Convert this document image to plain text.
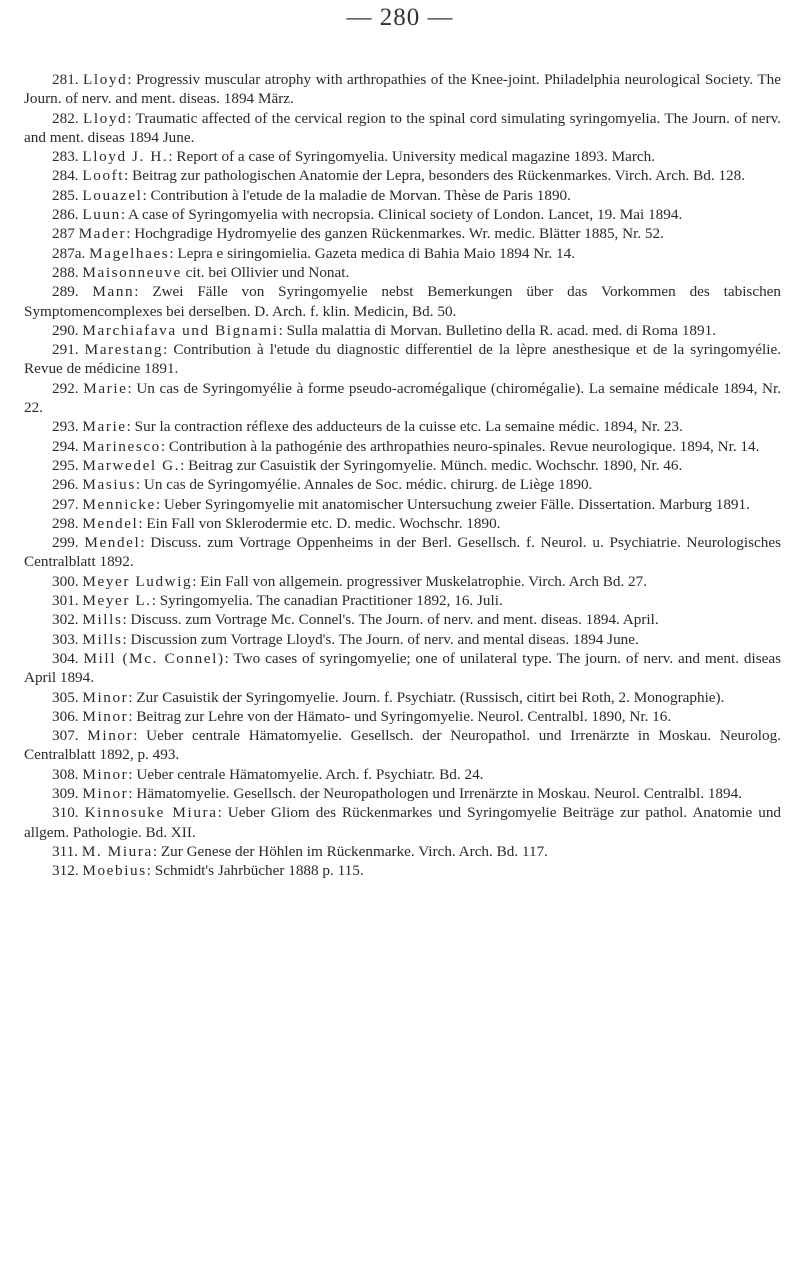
— 280 —
281. Lloyd: Progressiv muscular atrophy with arthropathies of the Knee-joint. Philadelphia neurological Society. The Journ. of nerv. and ment. diseas. 1894 März.
282. Lloyd: Traumatic affected of the cervical region to the spinal cord simulating syringomyelia. The Journ. of nerv. and ment. diseas 1894 June.
283. Lloyd J. H.: Report of a case of Syringomyelia. University medical magazine 1893. March.
284. Looft: Beitrag zur pathologischen Anatomie der Lepra, besonders des Rückenmarkes. Virch. Arch. Bd. 128.
285. Louazel: Contribution à l'etude de la maladie de Morvan. Thèse de Paris 1890.
286. Luun: A case of Syringomyelia with necropsia. Clinical society of London. Lancet, 19. Mai 1894.
287 Mader: Hochgradige Hydromyelie des ganzen Rückenmarkes. Wr. medic. Blätter 1885, Nr. 52.
287a. Magelhaes: Lepra e siringomielia. Gazeta medica di Bahia Maio 1894 Nr. 14.
288. Maisonneuve cit. bei Ollivier und Nonat.
289. Mann: Zwei Fälle von Syringomyelie nebst Bemerkungen über das Vorkommen des tabischen Symptomencomplexes bei derselben. D. Arch. f. klin. Medicin, Bd. 50.
290. Marchiafava und Bignami: Sulla malattia di Morvan. Bulletino della R. acad. med. di Roma 1891.
291. Marestang: Contribution à l'etude du diagnostic differentiel de la lèpre anesthesique et de la syringomyélie. Revue de médicine 1891.
292. Marie: Un cas de Syringomyélie à forme pseudo-acromégalique (chiromégalie). La semaine médicale 1894, Nr. 22.
293. Marie: Sur la contraction réflexe des adducteurs de la cuisse etc. La semaine médic. 1894, Nr. 23.
294. Marinesco: Contribution à la pathogénie des arthropathies neuro-spinales. Revue neurologique. 1894, Nr. 14.
295. Marwedel G.: Beitrag zur Casuistik der Syringomyelie. Münch. medic. Wochschr. 1890, Nr. 46.
296. Masius: Un cas de Syringomyélie. Annales de Soc. médic. chirurg. de Liège 1890.
297. Mennicke: Ueber Syringomyelie mit anatomischer Untersuchung zweier Fälle. Dissertation. Marburg 1891.
298. Mendel: Ein Fall von Sklerodermie etc. D. medic. Wochschr. 1890.
299. Mendel: Discuss. zum Vortrage Oppenheims in der Berl. Gesellsch. f. Neurol. u. Psychiatrie. Neurologisches Centralblatt 1892.
300. Meyer Ludwig: Ein Fall von allgemein. progressiver Muskelatrophie. Virch. Arch Bd. 27.
301. Meyer L.: Syringomyelia. The canadian Practitioner 1892, 16. Juli.
302. Mills: Discuss. zum Vortrage Mc. Connel's. The Journ. of nerv. and ment. diseas. 1894. April.
303. Mills: Discussion zum Vortrage Lloyd's. The Journ. of nerv. and mental diseas. 1894 June.
304. Mill (Mc. Connel): Two cases of syringomyelie; one of unilateral type. The journ. of nerv. and ment. diseas April 1894.
305. Minor: Zur Casuistik der Syringomyelie. Journ. f. Psychiatr. (Russisch, citirt bei Roth, 2. Monographie).
306. Minor: Beitrag zur Lehre von der Hämato- und Syringomyelie. Neurol. Centralbl. 1890, Nr. 16.
307. Minor: Ueber centrale Hämatomyelie. Gesellsch. der Neuropathol. und Irrenärzte in Moskau. Neurolog. Centralblatt 1892, p. 493.
308. Minor: Ueber centrale Hämatomyelie. Arch. f. Psychiatr. Bd. 24.
309. Minor: Hämatomyelie. Gesellsch. der Neuropathologen und Irrenärzte in Moskau. Neurol. Centralbl. 1894.
310. Kinnosuke Miura: Ueber Gliom des Rückenmarkes und Syringomyelie Beiträge zur pathol. Anatomie und allgem. Pathologie. Bd. XII.
311. M. Miura: Zur Genese der Höhlen im Rückenmarke. Virch. Arch. Bd. 117.
312. Moebius: Schmidt's Jahrbücher 1888 p. 115.
